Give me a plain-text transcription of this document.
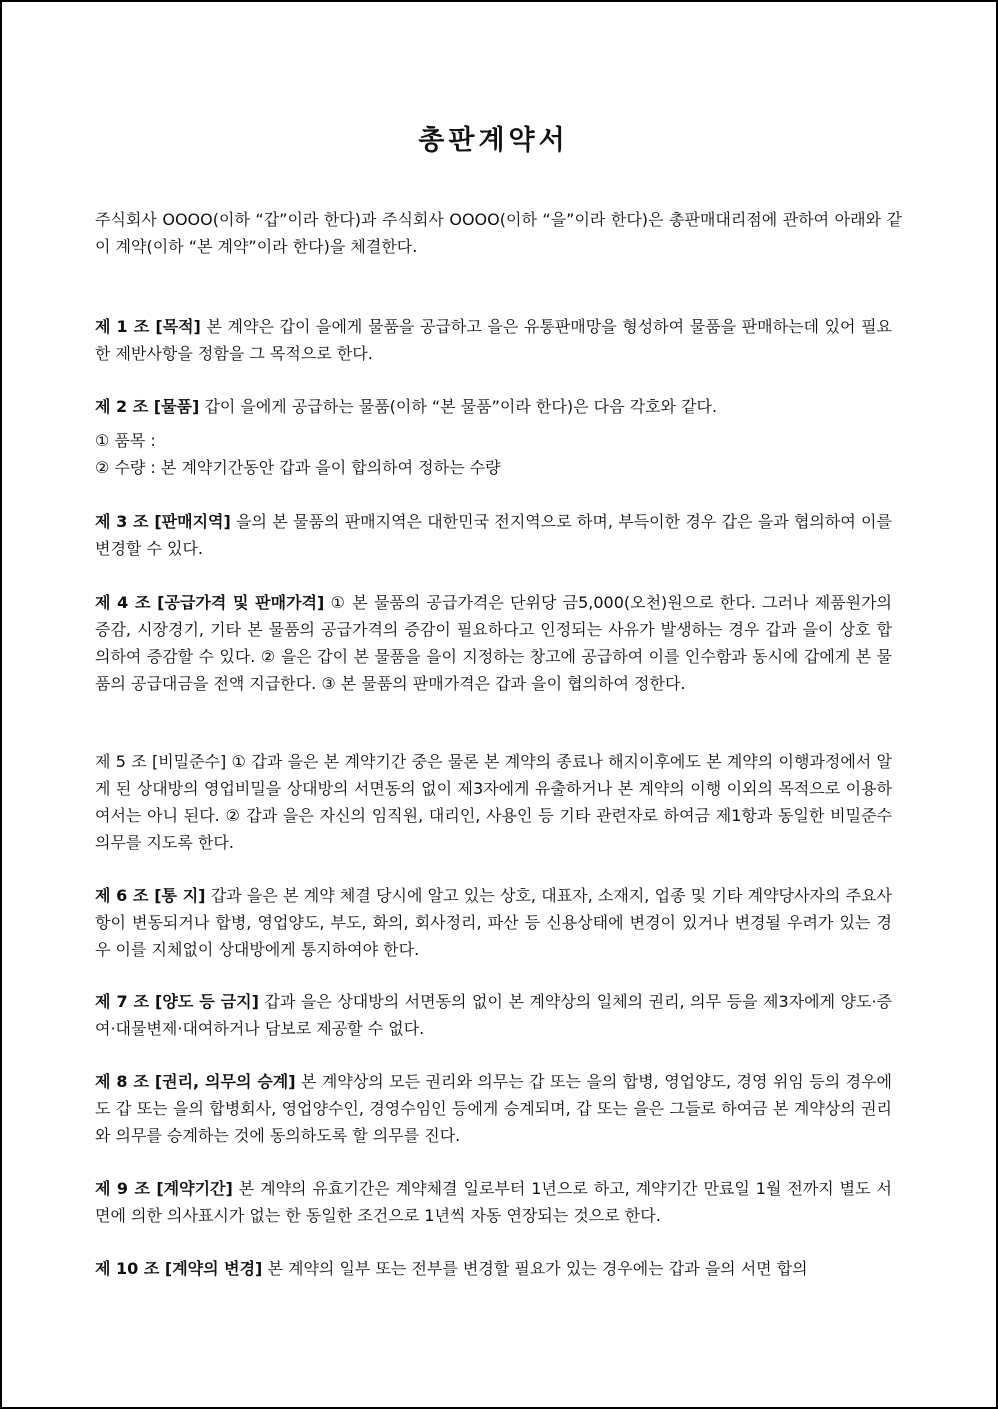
총판계약서

주식회사 OOOO(이하 “갑”이라 한다)과 주식회사 OOOO(이하 “을”이라 한다)은 총판매대리점에 관하여 아래와 같이 계약(이하 “본 계약”이라 한다)을 체결한다.

제 1 조 [목적] 본 계약은 갑이 을에게 물품을 공급하고 을은 유통판매망을 형성하여 물품을 판매하는데 있어 필요한 제반사항을 정함을 그 목적으로 한다.

제 2 조 [물품] 갑이 을에게 공급하는 물품(이하 “본 물품”이라 한다)은 다음 각호와 같다.

① 품목 :

② 수량 : 본 계약기간동안 갑과 을이 합의하여 정하는 수량

제 3 조 [판매지역] 을의 본 물품의 판매지역은 대한민국 전지역으로 하며, 부득이한 경우 갑은 을과 협의하여 이를 변경할 수 있다.

제 4 조 [공급가격 및 판매가격] ① 본 물품의 공급가격은 단위당 금5,000(오천)원으로 한다. 그러나 제품원가의 증감, 시장경기, 기타 본 물품의 공급가격의 증감이 필요하다고 인정되는 사유가 발생하는 경우 갑과 을이 상호 합의하여 증감할 수 있다. ② 을은 갑이 본 물품을 을이 지정하는 창고에 공급하여 이를 인수함과 동시에 갑에게 본 물품의 공급대금을 전액 지급한다. ③ 본 물품의 판매가격은 갑과 을이 협의하여 정한다.

제 5 조 [비밀준수] ① 갑과 을은 본 계약기간 중은 물론 본 계약의 종료나 해지이후에도 본 계약의 이행과정에서 알게 된 상대방의 영업비밀을 상대방의 서면동의 없이 제3자에게 유출하거나 본 계약의 이행 이외의 목적으로 이용하여서는 아니 된다. ② 갑과 을은 자신의 임직원, 대리인, 사용인 등 기타 관련자로 하여금 제1항과 동일한 비밀준수 의무를 지도록 한다.

제 6 조 [통 지] 갑과 을은 본 계약 체결 당시에 알고 있는 상호, 대표자, 소재지, 업종 및 기타 계약당사자의 주요사항이 변동되거나 합병, 영업양도, 부도, 화의, 회사정리, 파산 등 신용상태에 변경이 있거나 변경될 우려가 있는 경우 이를 지체없이 상대방에게 통지하여야 한다.

제 7 조 [양도 등 금지] 갑과 을은 상대방의 서면동의 없이 본 계약상의 일체의 권리, 의무 등을 제3자에게 양도·증여·대물변제·대여하거나 담보로 제공할 수 없다.

제 8 조 [권리, 의무의 승계] 본 계약상의 모든 권리와 의무는 갑 또는 을의 합병, 영업양도, 경영 위임 등의 경우에도 갑 또는 을의 합병회사, 영업양수인, 경영수임인 등에게 승계되며, 갑 또는 을은 그들로 하여금 본 계약상의 권리와 의무를 승계하는 것에 동의하도록 할 의무를 진다.

제 9 조 [계약기간] 본 계약의 유효기간은 계약체결 일로부터 1년으로 하고, 계약기간 만료일 1월 전까지 별도 서면에 의한 의사표시가 없는 한 동일한 조건으로 1년씩 자동 연장되는 것으로 한다.

제 10 조 [계약의 변경] 본 계약의 일부 또는 전부를 변경할 필요가 있는 경우에는 갑과 을의 서면 합의
